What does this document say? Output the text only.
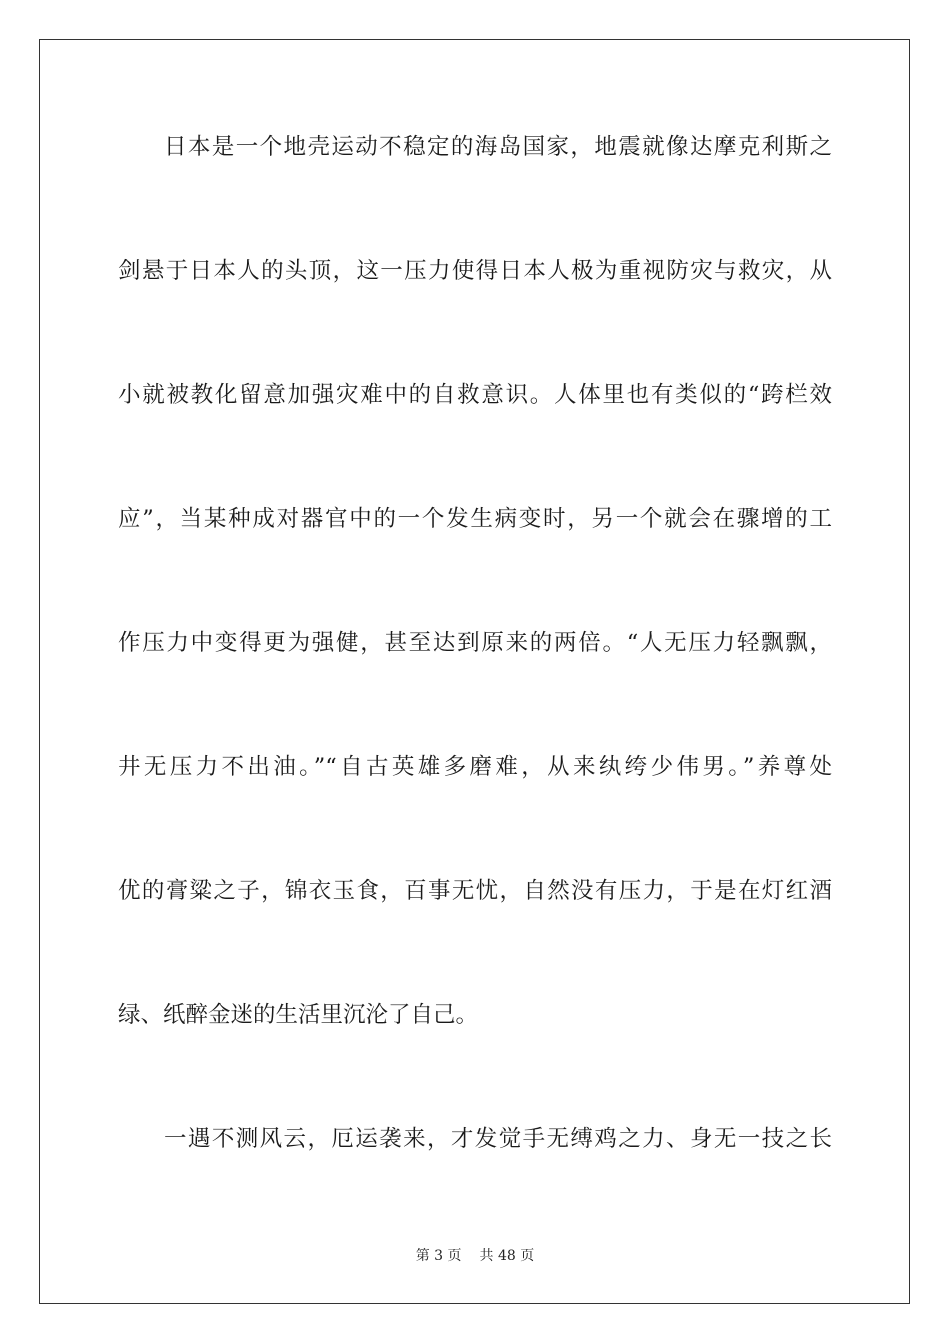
日本是一个地壳运动不稳定的海岛国家，地震就像达摩克利斯之
剑悬于日本人的头顶，这一压力使得日本人极为重视防灾与救灾，从
小就被教化留意加强灾难中的自救意识。人体里也有类似的“跨栏效
应”，当某种成对器官中的一个发生病变时，另一个就会在骤增的工
作压力中变得更为强健，甚至达到原来的两倍。“人无压力轻飘飘，
井无压力不出油。”“自古英雄多磨难，从来纨绔少伟男。”养尊处
优的膏粱之子，锦衣玉食，百事无忧，自然没有压力，于是在灯红酒
绿、纸醉金迷的生活里沉沦了自己。
一遇不测风云，厄运袭来，才发觉手无缚鸡之力、身无一技之长
第 3 页 共 48 页
